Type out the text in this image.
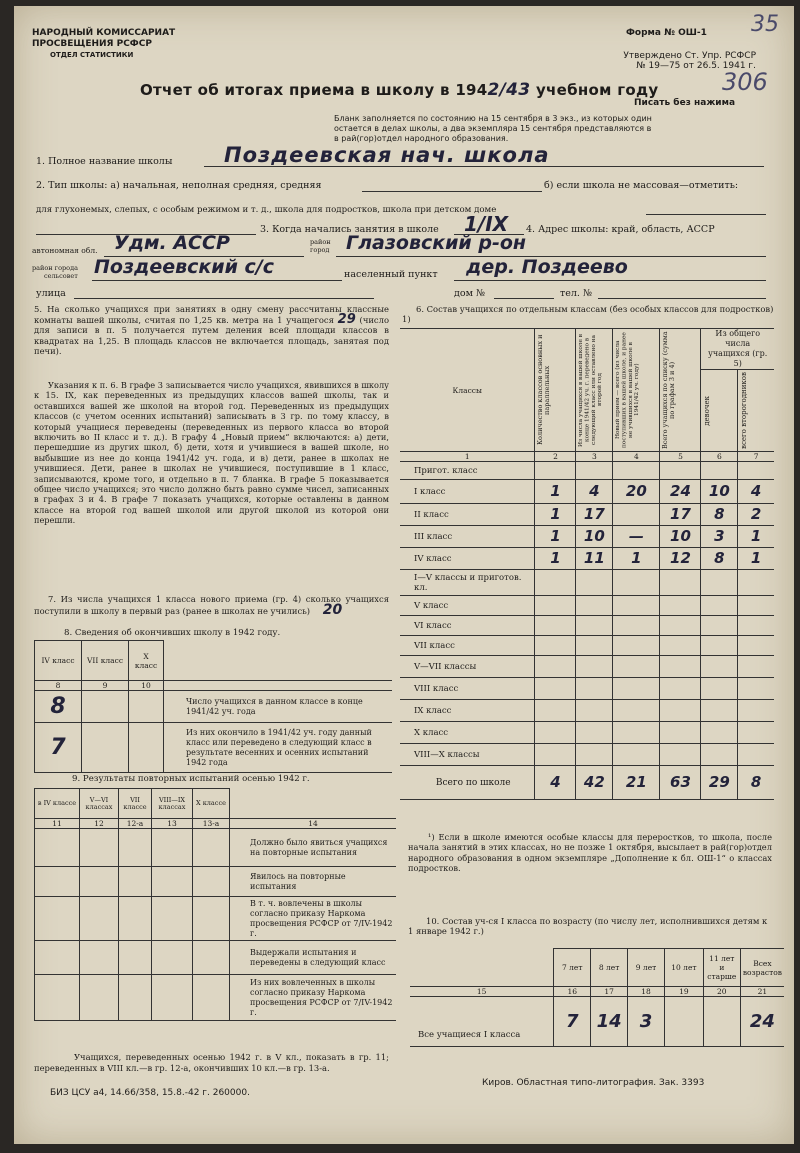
НАРОДНЫЙ КОМИССАРИАТ
ПРОСВЕЩЕНИЯ РСФСР
ОТДЕЛ СТАТИСТИКИ
Форма № ОШ-1 35
Утверждено Ст. Упр. РСФСР
№ 19—75 от 26.5. 1941 г.
306
Отчет об итогах приема в школу в 1942/43 учебном году
Писать без нажима
Бланк заполняется по состоянию на 15 сентября в 3 экз., из которых один
остается в делах школы, а два экземпляра 15 сентября представляются в
в рай(гор)отдел народного образования.
1. Полное название школы Поздеевская нач. школа
2. Тип школы: а) начальная, неполная средняя, средняя	б) если школа не массовая—отметить:
для глухонемых, слепых, с особым режимом и т. д., школа для подростков, школа при детском доме
3. Когда начались занятия в школе 1/IX 4. Адрес школы: край, область, АССР
автономная обл. Удм. АССР	район
город Глазовский р-он
район города
сельсовет Поздеевский с/с	населенный пункт дер. Поздеево
улица	дом №	тел. №
5. На сколько учащихся при занятиях в одну смену рассчитаны классные комнаты вашей школы, считая по 1,25 кв. метра на 1 учащегося 29 (число для записи в п. 5 получается путем деления всей площади классов в квадратах на 1,25. В площадь классов не включается площадь, занятая под печи).
Указания к п. 6. В графе 3 записывается число учащихся, явившихся в школу к 15. IX, как переведенных из предыдущих классов вашей школы, так и оставшихся вашей же школой на второй год. Переведенных из предыдущих классов (с учетом осенних испытаний) записывать в 3 гр. по тому классу, в который учащиеся переведены (переведенных из первого класса во второй включить во II класс и т. д.). В графу 4 „Новый прием“ включаются: а) дети, перешедшие из других школ, б) дети, хотя и учившиеся в вашей школе, но выбывшие из нее до конца 1941/42 уч. года, и в) дети, ранее в школах не учившиеся. Дети, ранее в школах не учившиеся, поступившие в 1 класс, записываются, кроме того, и отдельно в п. 7 бланка. В графе 5 показывается общее число учащихся; это число должно быть равно сумме чисел, записанных в графах 3 и 4. В графе 7 показать учащихся, которые оставлены в данном классе на второй год вашей школой или другой школой из которой они перешли.
7. Из числа учащихся 1 класса нового приема (гр. 4) сколько учащихся поступили в школу в первый раз (ранее в школах не учились) 20
8. Сведения об окончивших школу в 1942 году.
IV класс	VII класс	X класс	
8	9	10	
8			Число учащихся в данном классе в конце 1941/42 уч. года
7			Из них окончило в 1941/42 уч. году данный класс или переведено в следующий класс в результате весенних и осенних испытаний 1942 года
9. Результаты повторных испытаний осенью 1942 г.
в IV классе	V—VI классах	VII классе	VIII—IX классах	X классе	
11	12	12-а	13	13-а	14
					Должно было явиться учащихся на повторные испытания
					Явилось на повторные испытания
					В т. ч. вовлечены в школы согласно приказу Наркома просвещения РСФСР от 7/IV-1942 г.
					Выдержали испытания и переведены в следующий класс
					Из них вовлеченных в школы согласно приказу Наркома просвещения РСФСР от 7/IV-1942 г.
Учащихся, переведенных осенью 1942 г. в V кл., показать в гр. 11; переведенных в VIII кл.—в гр. 12-а, окончивших 10 кл.—в гр. 13-а.
БИЗ ЦСУ а4, 14.66/358, 15.8.-42 г. 260000.
6. Состав учащихся по отдельным классам (без особых классов для подростков) 1)
Классы	Количество классов основных и параллельных	Из числа учащихся в вашей школе в конце 1941/42 уч. г. переведено в следующий класс или оставлено на второй год	Новый прием — всего (из числа поступивших в вашей школе, и ранее не учившихся в вашей школе в 1941/42 уч. году)	Всего учащихся по списку (сумма по графам 3 и 4)	Из общего числа учащихся (гр. 5)	

					девочек	всего второгодников

1	2	3	4	5	6	7
Пригот. класс						
I класс	1	4	20	24	10	4
II класс	1	17		17	8	2
III класс	1	10	—	10	3	1
IV класс	1	11	1	12	8	1
I—V классы и приготов. кл.						
V класс						
VI класс						
VII класс						
V—VII классы						
VIII класс						
IX класс						
X класс						
VIII—X классы						
Всего по школе	4	42	21	63	29	8
¹) Если в школе имеются особые классы для переростков, то школа, после начала занятий в этих классах, но не позже 1 октября, высылает в рай(гор)отдел народного образования в одном экземпляре „Дополнение к бл. ОШ-1“ о классах подростков.
10. Состав уч-ся I класса по возрасту (по числу лет, исполнившихся детям к 1 январе 1942 г.)
	7 лет	8 лет	9 лет	10 лет	11 лет и старше	Всех возрастов
15	16	17	18	19	20	21
Все учащиеся I класса	7	14	3			24
Киров. Областная типо-литография. Зак. 3393
